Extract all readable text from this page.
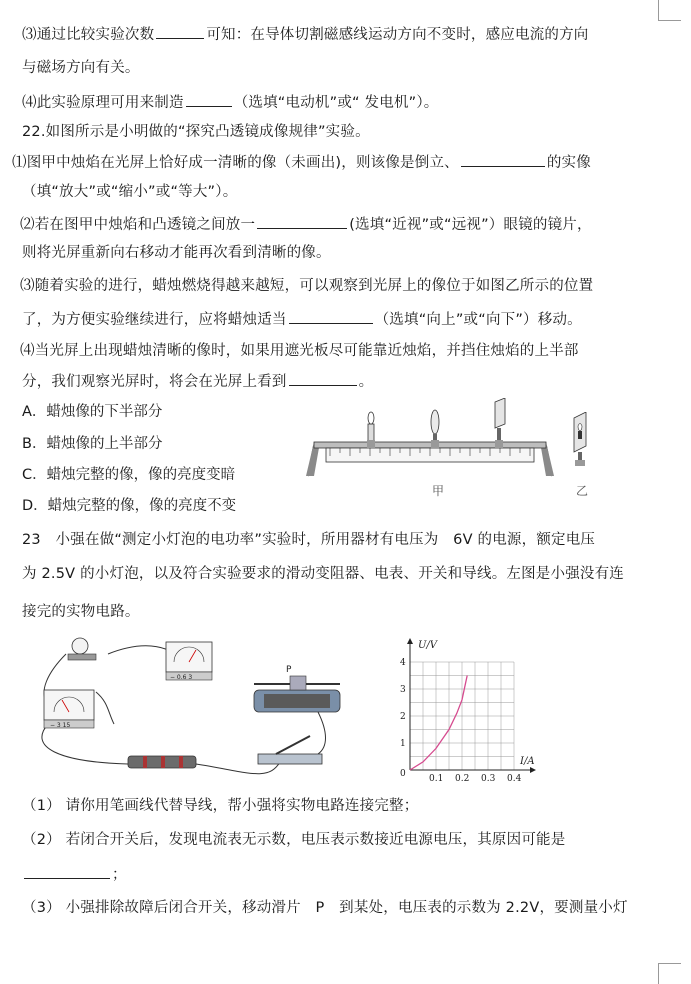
⑶通过比较实验次数	可知：在导体切割磁感线运动方向不变时，感应电流的方向
与磁场方向有关。
⑷此实验原理可用来制造	（选填“电动机”或“ 发电机”）。
22.如图所示是小明做的“探究凸透镜成像规律”实验。
⑴图甲中烛焰在光屏上恰好成一清晰的像（未画出)，则该像是倒立、	的实像
（填“放大”或“缩小”或“等大”）。
⑵若在图甲中烛焰和凸透镜之间放一	(选填“近视”或“远视”）眼镜的镜片，
则将光屏重新向右移动才能再次看到清晰的像。
⑶随着实验的进行，蜡烛燃烧得越来越短，可以观察到光屏上的像位于如图乙所示的位置
了，为方便实验继续进行，应将蜡烛适当	（选填“向上”或“向下”）移动。
⑷当光屏上出现蜡烛清晰的像时，如果用遮光板尽可能靠近烛焰，并挡住烛焰的上半部
分，我们观察光屏时，将会在光屏上看到	。
A．蜡烛像的下半部分
B．蜡烛像的上半部分
C．蜡烛完整的像，像的亮度变暗
D．蜡烛完整的像，像的亮度不变
甲	乙
23　小强在做“测定小灯泡的电功率”实验时，所用器材有电压为　6V 的电源，额定电压
为 2.5V 的小灯泡，以及符合实验要求的滑动变阻器、电表、开关和导线。左图是小强没有连
接完的实物电路。
− 0.6 3
− 3 15
P
U/V
I/A
0
1
2
3
4
0.1 0.2 0.3 0.4
（1） 请你用笔画线代替导线，帮小强将实物电路连接完整；
（2） 若闭合开关后，发现电流表无示数，电压表示数接近电源电压，其原因可能是
；
（3） 小强排除故障后闭合开关，移动滑片　P　到某处，电压表的示数为 2.2V，要测量小灯
